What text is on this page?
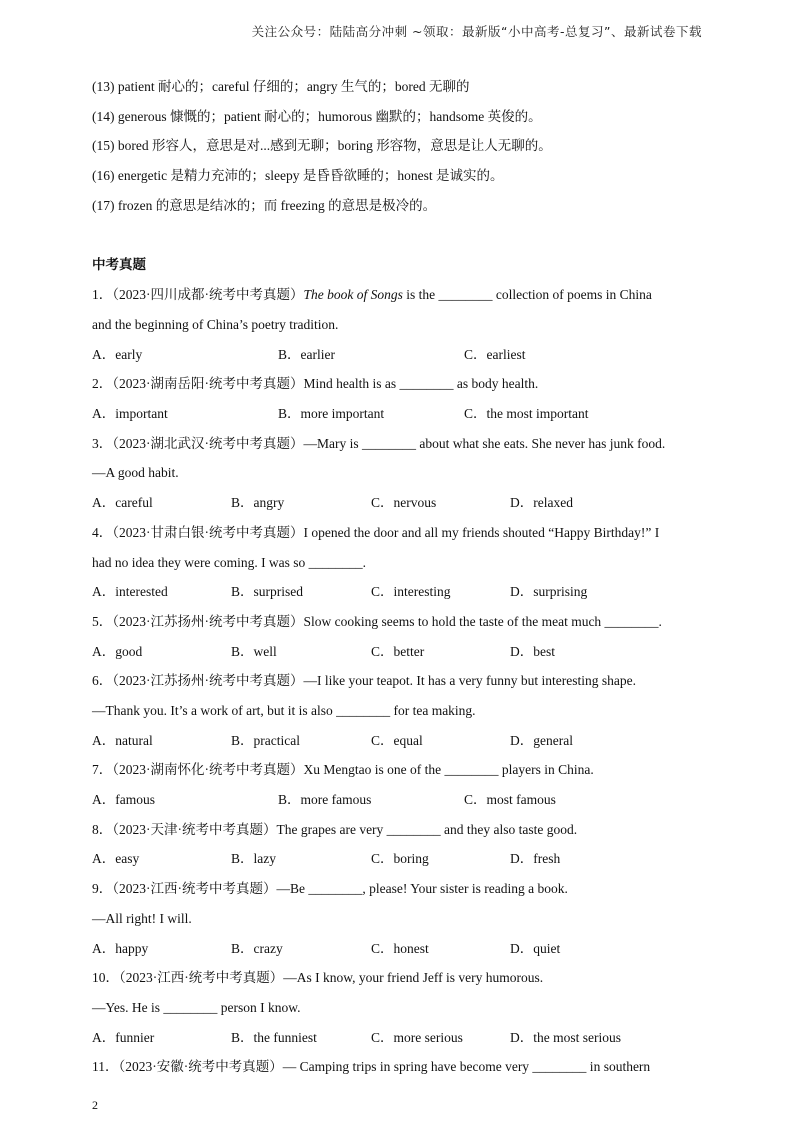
关注公众号：陆陆高分冲刺 ~领取：最新版“小中高考-总复习”、最新试卷下载
(13) patient 耐心的；careful 仔细的；angry 生气的；bored 无聊的
(14) generous 慷慨的；patient 耐心的；humorous 幽默的；handsome 英俊的。
(15) bored 形容人，意思是对...感到无聊；boring 形容物，意思是让人无聊的。
(16) energetic 是精力充沛的；sleepy 是昏昏欲睡的；honest 是诚实的。
(17) frozen 的意思是结冰的；而 freezing 的意思是极冷的。
中考真题
1．（2023·四川成都·统考中考真题）The book of Songs is the ________ collection of poems in China
and the beginning of China’s poetry tradition.
A．early	B．earlier	C．earliest
2．（2023·湖南岳阳·统考中考真题）Mind health is as ________ as body health.
A．important	B．more important	C．the most important
3．（2023·湖北武汉·统考中考真题）—Mary is ________ about what she eats. She never has junk food.
—A good habit.
A．careful	B．angry	C．nervous	D．relaxed
4．（2023·甘肃白银·统考中考真题）I opened the door and all my friends shouted “Happy Birthday!” I
had no idea they were coming. I was so ________.
A．interested	B．surprised	C．interesting	D．surprising
5．（2023·江苏扬州·统考中考真题）Slow cooking seems to hold the taste of the meat much ________.
A．good	B．well	C．better	D．best
6．（2023·江苏扬州·统考中考真题）—I like your teapot. It has a very funny but interesting shape.
—Thank you. It’s a work of art, but it is also ________ for tea making.
A．natural	B．practical	C．equal	D．general
7．（2023·湖南怀化·统考中考真题）Xu Mengtao is one of the ________ players in China.
A．famous	B．more famous	C．most famous
8．（2023·天津·统考中考真题）The grapes are very ________ and they also taste good.
A．easy	B．lazy	C．boring	D．fresh
9．（2023·江西·统考中考真题）—Be ________, please! Your sister is reading a book.
—All right! I will.
A．happy	B．crazy	C．honest	D．quiet
10．（2023·江西·统考中考真题）—As I know, your friend Jeff is very humorous.
—Yes. He is ________ person I know.
A．funnier	B．the funniest	C．more serious	D．the most serious
11．（2023·安徽·统考中考真题）— Camping trips in spring have become very ________ in southern
2
